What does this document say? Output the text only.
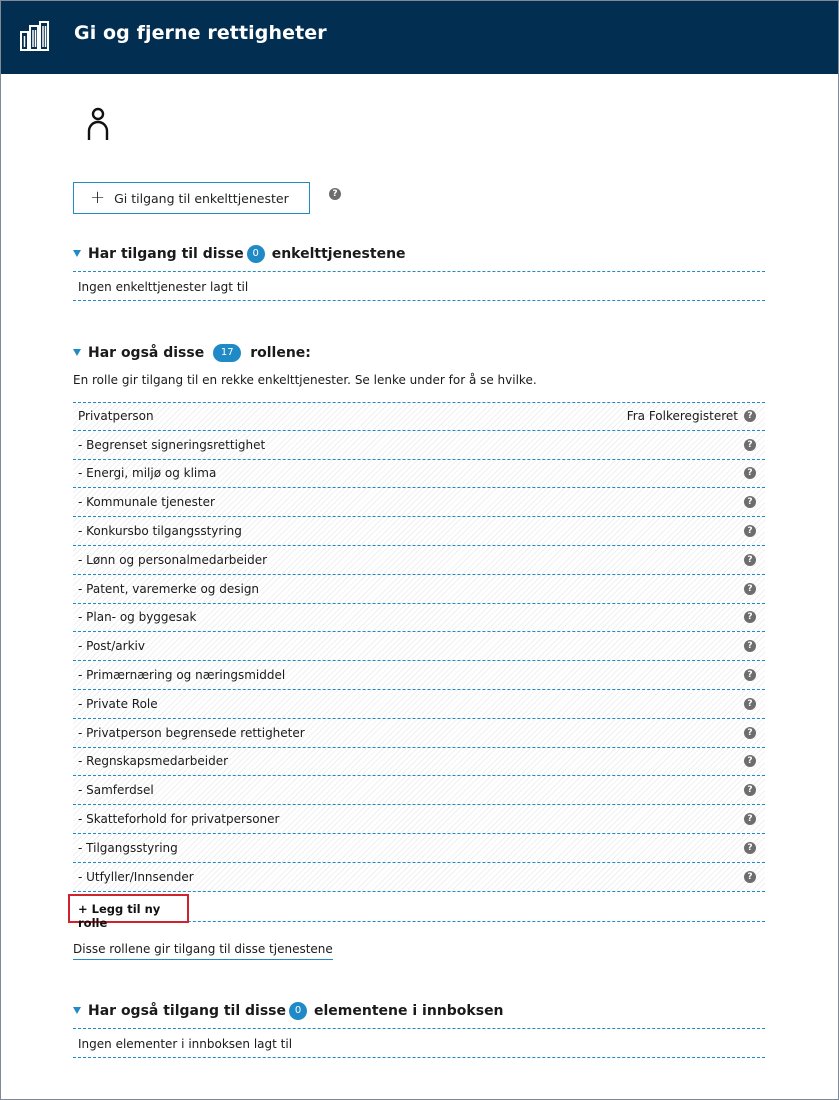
Gi og fjerne rettigheter
+ Gi tilgang til enkelttjenester	?
Har tilgang til disse 0 enkelttjenestene
Ingen enkelttjenester lagt til
Har også disse	17	rollene:
En rolle gir tilgang til en rekke enkelttjenester. Se lenke under for å se hvilke.
Privatperson	Fra Folkeregisteret	?
- Begrenset signeringsrettighet	?
- Energi, miljø og klima	?
- Kommunale tjenester	?
- Konkursbo tilgangsstyring	?
- Lønn og personalmedarbeider	?
- Patent, varemerke og design	?
- Plan- og byggesak	?
- Post/arkiv	?
- Primærnæring og næringsmiddel	?
- Private Role	?
- Privatperson begrensede rettigheter	?
- Regnskapsmedarbeider	?
- Samferdsel	?
- Skatteforhold for privatpersoner	?
- Tilgangsstyring	?
- Utfyller/Innsender	?
+ Legg til ny rolle
Disse rollene gir tilgang til disse tjenestene
Har også tilgang til disse 0 elementene i innboksen
Ingen elementer i innboksen lagt til
